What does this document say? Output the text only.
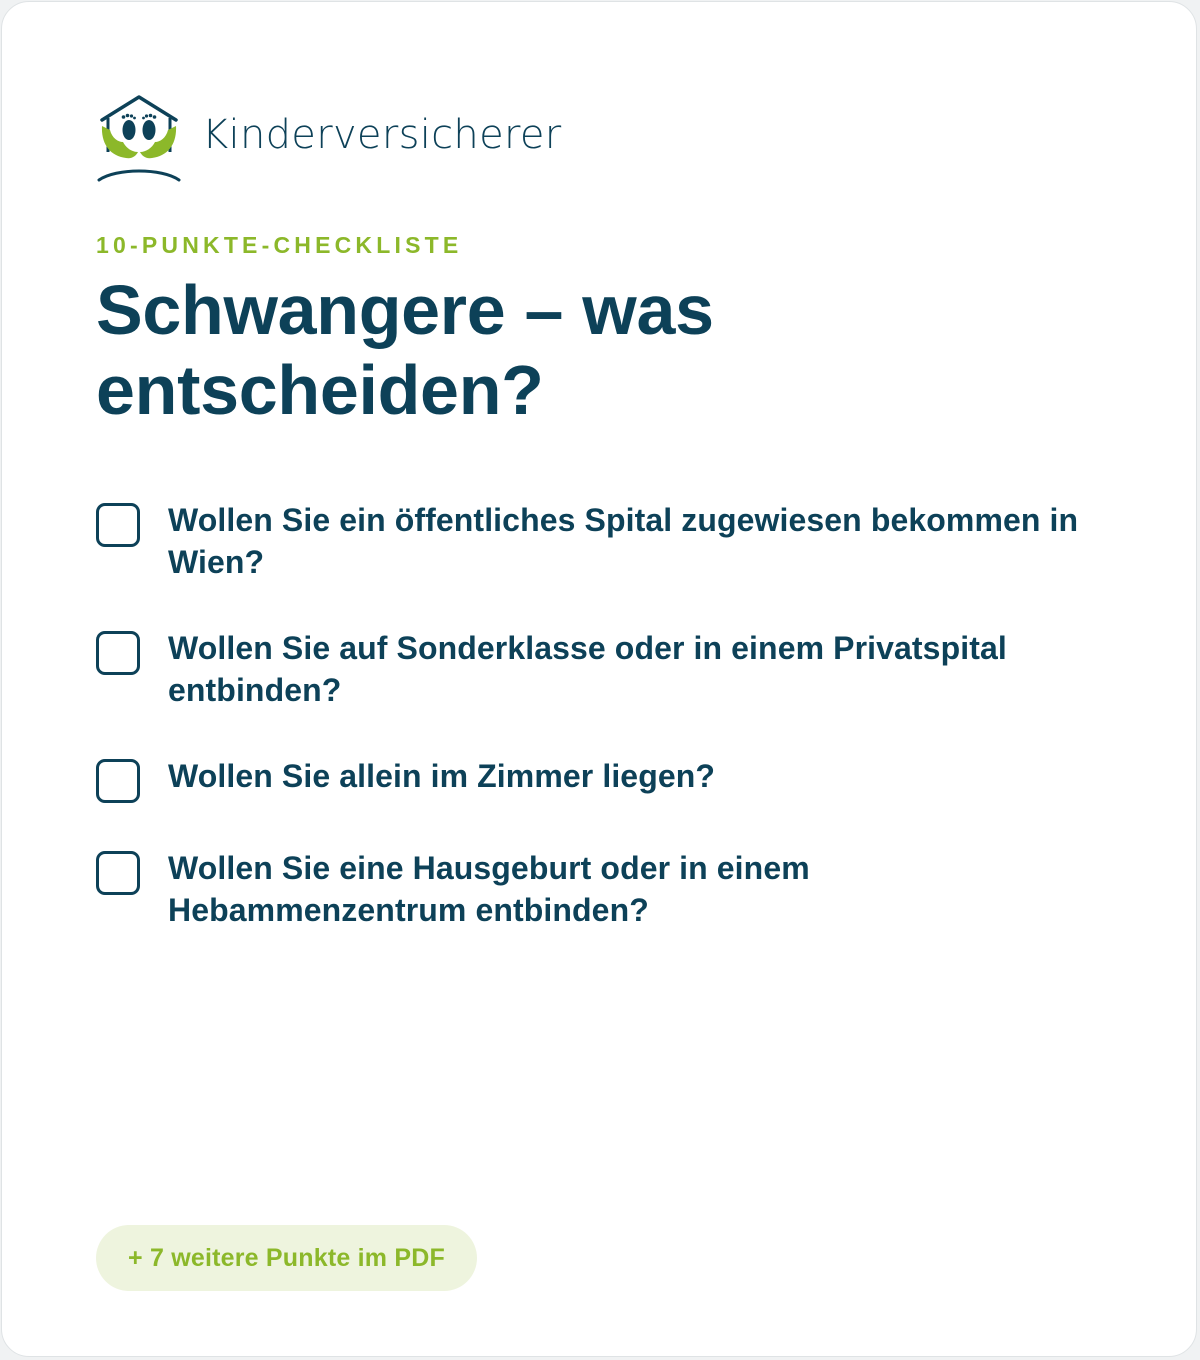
Kinderversicherer
10-PUNKTE-CHECKLISTE
Schwangere – was
entscheiden?
Wollen Sie ein öffentliches Spital zugewiesen bekommen in Wien?
Wollen Sie auf Sonderklasse oder in einem Privatspital entbinden?
Wollen Sie allein im Zimmer liegen?
Wollen Sie eine Hausgeburt oder in einem Hebammenzentrum entbinden?
+ 7 weitere Punkte im PDF
